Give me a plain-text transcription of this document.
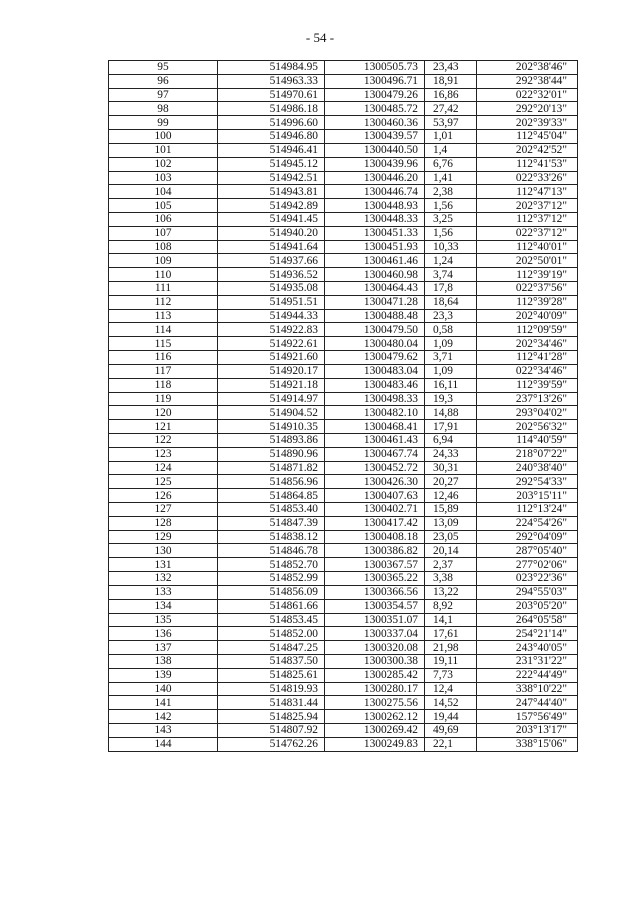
- 54 -
95	514984.95	1300505.73	23,43	202°38'46"
96	514963.33	1300496.71	18,91	292°38'44"
97	514970.61	1300479.26	16,86	022°32'01"
98	514986.18	1300485.72	27,42	292°20'13"
99	514996.60	1300460.36	53,97	202°39'33"
100	514946.80	1300439.57	1,01	112°45'04"
101	514946.41	1300440.50	1,4	202°42'52"
102	514945.12	1300439.96	6,76	112°41'53"
103	514942.51	1300446.20	1,41	022°33'26"
104	514943.81	1300446.74	2,38	112°47'13"
105	514942.89	1300448.93	1,56	202°37'12"
106	514941.45	1300448.33	3,25	112°37'12"
107	514940.20	1300451.33	1,56	022°37'12"
108	514941.64	1300451.93	10,33	112°40'01"
109	514937.66	1300461.46	1,24	202°50'01"
110	514936.52	1300460.98	3,74	112°39'19"
111	514935.08	1300464.43	17,8	022°37'56"
112	514951.51	1300471.28	18,64	112°39'28"
113	514944.33	1300488.48	23,3	202°40'09"
114	514922.83	1300479.50	0,58	112°09'59"
115	514922.61	1300480.04	1,09	202°34'46"
116	514921.60	1300479.62	3,71	112°41'28"
117	514920.17	1300483.04	1,09	022°34'46"
118	514921.18	1300483.46	16,11	112°39'59"
119	514914.97	1300498.33	19,3	237°13'26"
120	514904.52	1300482.10	14,88	293°04'02"
121	514910.35	1300468.41	17,91	202°56'32"
122	514893.86	1300461.43	6,94	114°40'59"
123	514890.96	1300467.74	24,33	218°07'22"
124	514871.82	1300452.72	30,31	240°38'40"
125	514856.96	1300426.30	20,27	292°54'33"
126	514864.85	1300407.63	12,46	203°15'11"
127	514853.40	1300402.71	15,89	112°13'24"
128	514847.39	1300417.42	13,09	224°54'26"
129	514838.12	1300408.18	23,05	292°04'09"
130	514846.78	1300386.82	20,14	287°05'40"
131	514852.70	1300367.57	2,37	277°02'06"
132	514852.99	1300365.22	3,38	023°22'36"
133	514856.09	1300366.56	13,22	294°55'03"
134	514861.66	1300354.57	8,92	203°05'20"
135	514853.45	1300351.07	14,1	264°05'58"
136	514852.00	1300337.04	17,61	254°21'14"
137	514847.25	1300320.08	21,98	243°40'05"
138	514837.50	1300300.38	19,11	231°31'22"
139	514825.61	1300285.42	7,73	222°44'49"
140	514819.93	1300280.17	12,4	338°10'22"
141	514831.44	1300275.56	14,52	247°44'40"
142	514825.94	1300262.12	19,44	157°56'49"
143	514807.92	1300269.42	49,69	203°13'17"
144	514762.26	1300249.83	22,1	338°15'06"
